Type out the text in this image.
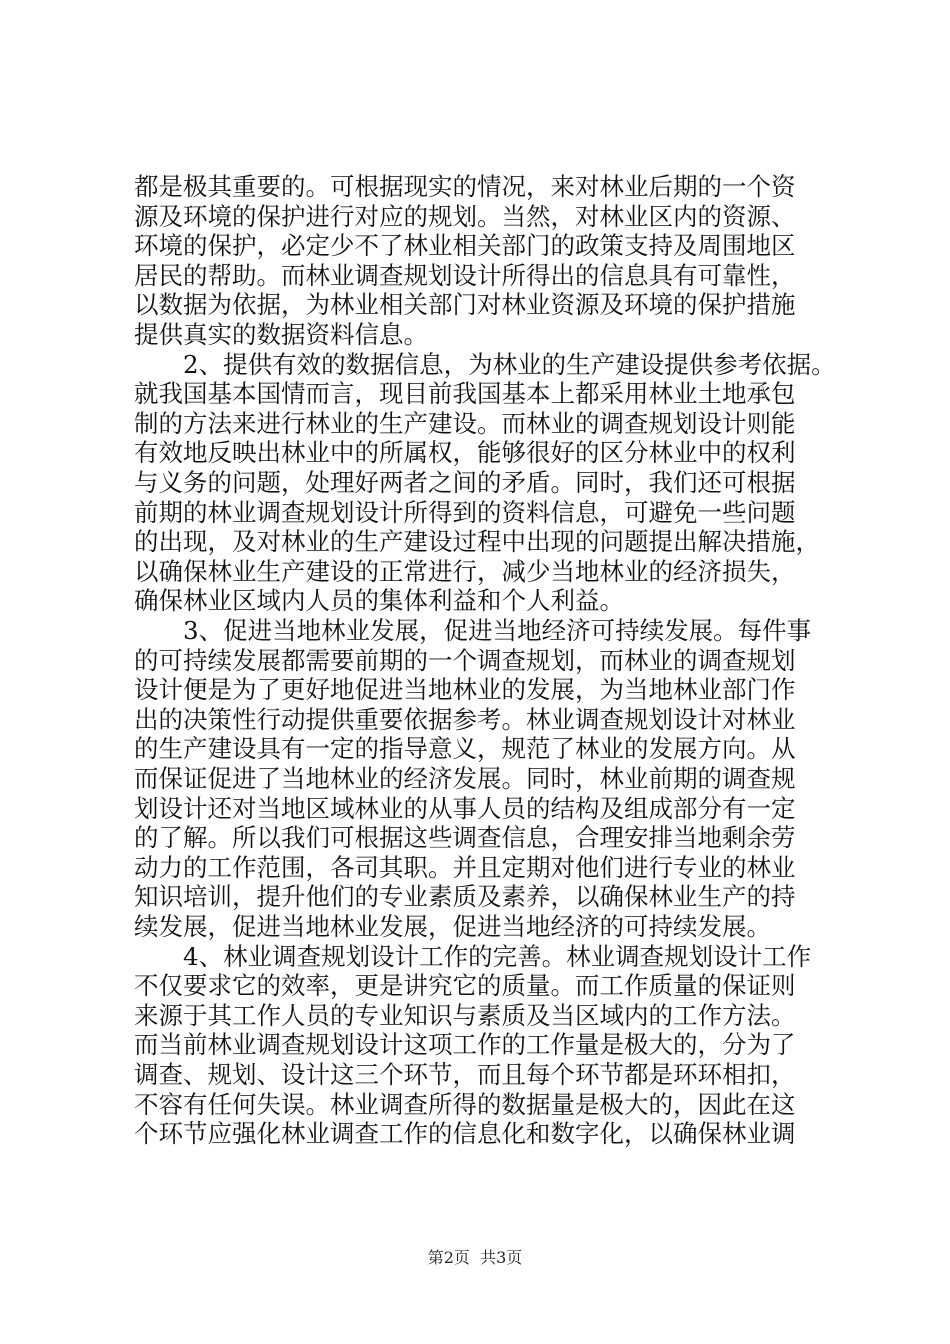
都是极其重要的。可根据现实的情况，来对林业后期的一个资
源及环境的保护进行对应的规划。当然，对林业区内的资源、
环境的保护，必定少不了林业相关部门的政策支持及周围地区
居民的帮助。而林业调查规划设计所得出的信息具有可靠性，
以数据为依据，为林业相关部门对林业资源及环境的保护措施
提供真实的数据资料信息。
　　2、提供有效的数据信息，为林业的生产建设提供参考依据。
就我国基本国情而言，现目前我国基本上都采用林业土地承包
制的方法来进行林业的生产建设。而林业的调查规划设计则能
有效地反映出林业中的所属权，能够很好的区分林业中的权利
与义务的问题，处理好两者之间的矛盾。同时，我们还可根据
前期的林业调查规划设计所得到的资料信息，可避免一些问题
的出现，及对林业的生产建设过程中出现的问题提出解决措施，
以确保林业生产建设的正常进行，减少当地林业的经济损失，
确保林业区域内人员的集体利益和个人利益。
　　3、促进当地林业发展，促进当地经济可持续发展。每件事
的可持续发展都需要前期的一个调查规划，而林业的调查规划
设计便是为了更好地促进当地林业的发展，为当地林业部门作
出的决策性行动提供重要依据参考。林业调查规划设计对林业
的生产建设具有一定的指导意义，规范了林业的发展方向。从
而保证促进了当地林业的经济发展。同时，林业前期的调查规
划设计还对当地区域林业的从事人员的结构及组成部分有一定
的了解。所以我们可根据这些调查信息，合理安排当地剩余劳
动力的工作范围，各司其职。并且定期对他们进行专业的林业
知识培训，提升他们的专业素质及素养，以确保林业生产的持
续发展，促进当地林业发展，促进当地经济的可持续发展。
　　4、林业调查规划设计工作的完善。林业调查规划设计工作
不仅要求它的效率，更是讲究它的质量。而工作质量的保证则
来源于其工作人员的专业知识与素质及当区域内的工作方法。
而当前林业调查规划设计这项工作的工作量是极大的，分为了
调查、规划、设计这三个环节，而且每个环节都是环环相扣，
不容有任何失误。林业调查所得的数据量是极大的，因此在这
个环节应强化林业调查工作的信息化和数字化，以确保林业调
第2页  共3页
